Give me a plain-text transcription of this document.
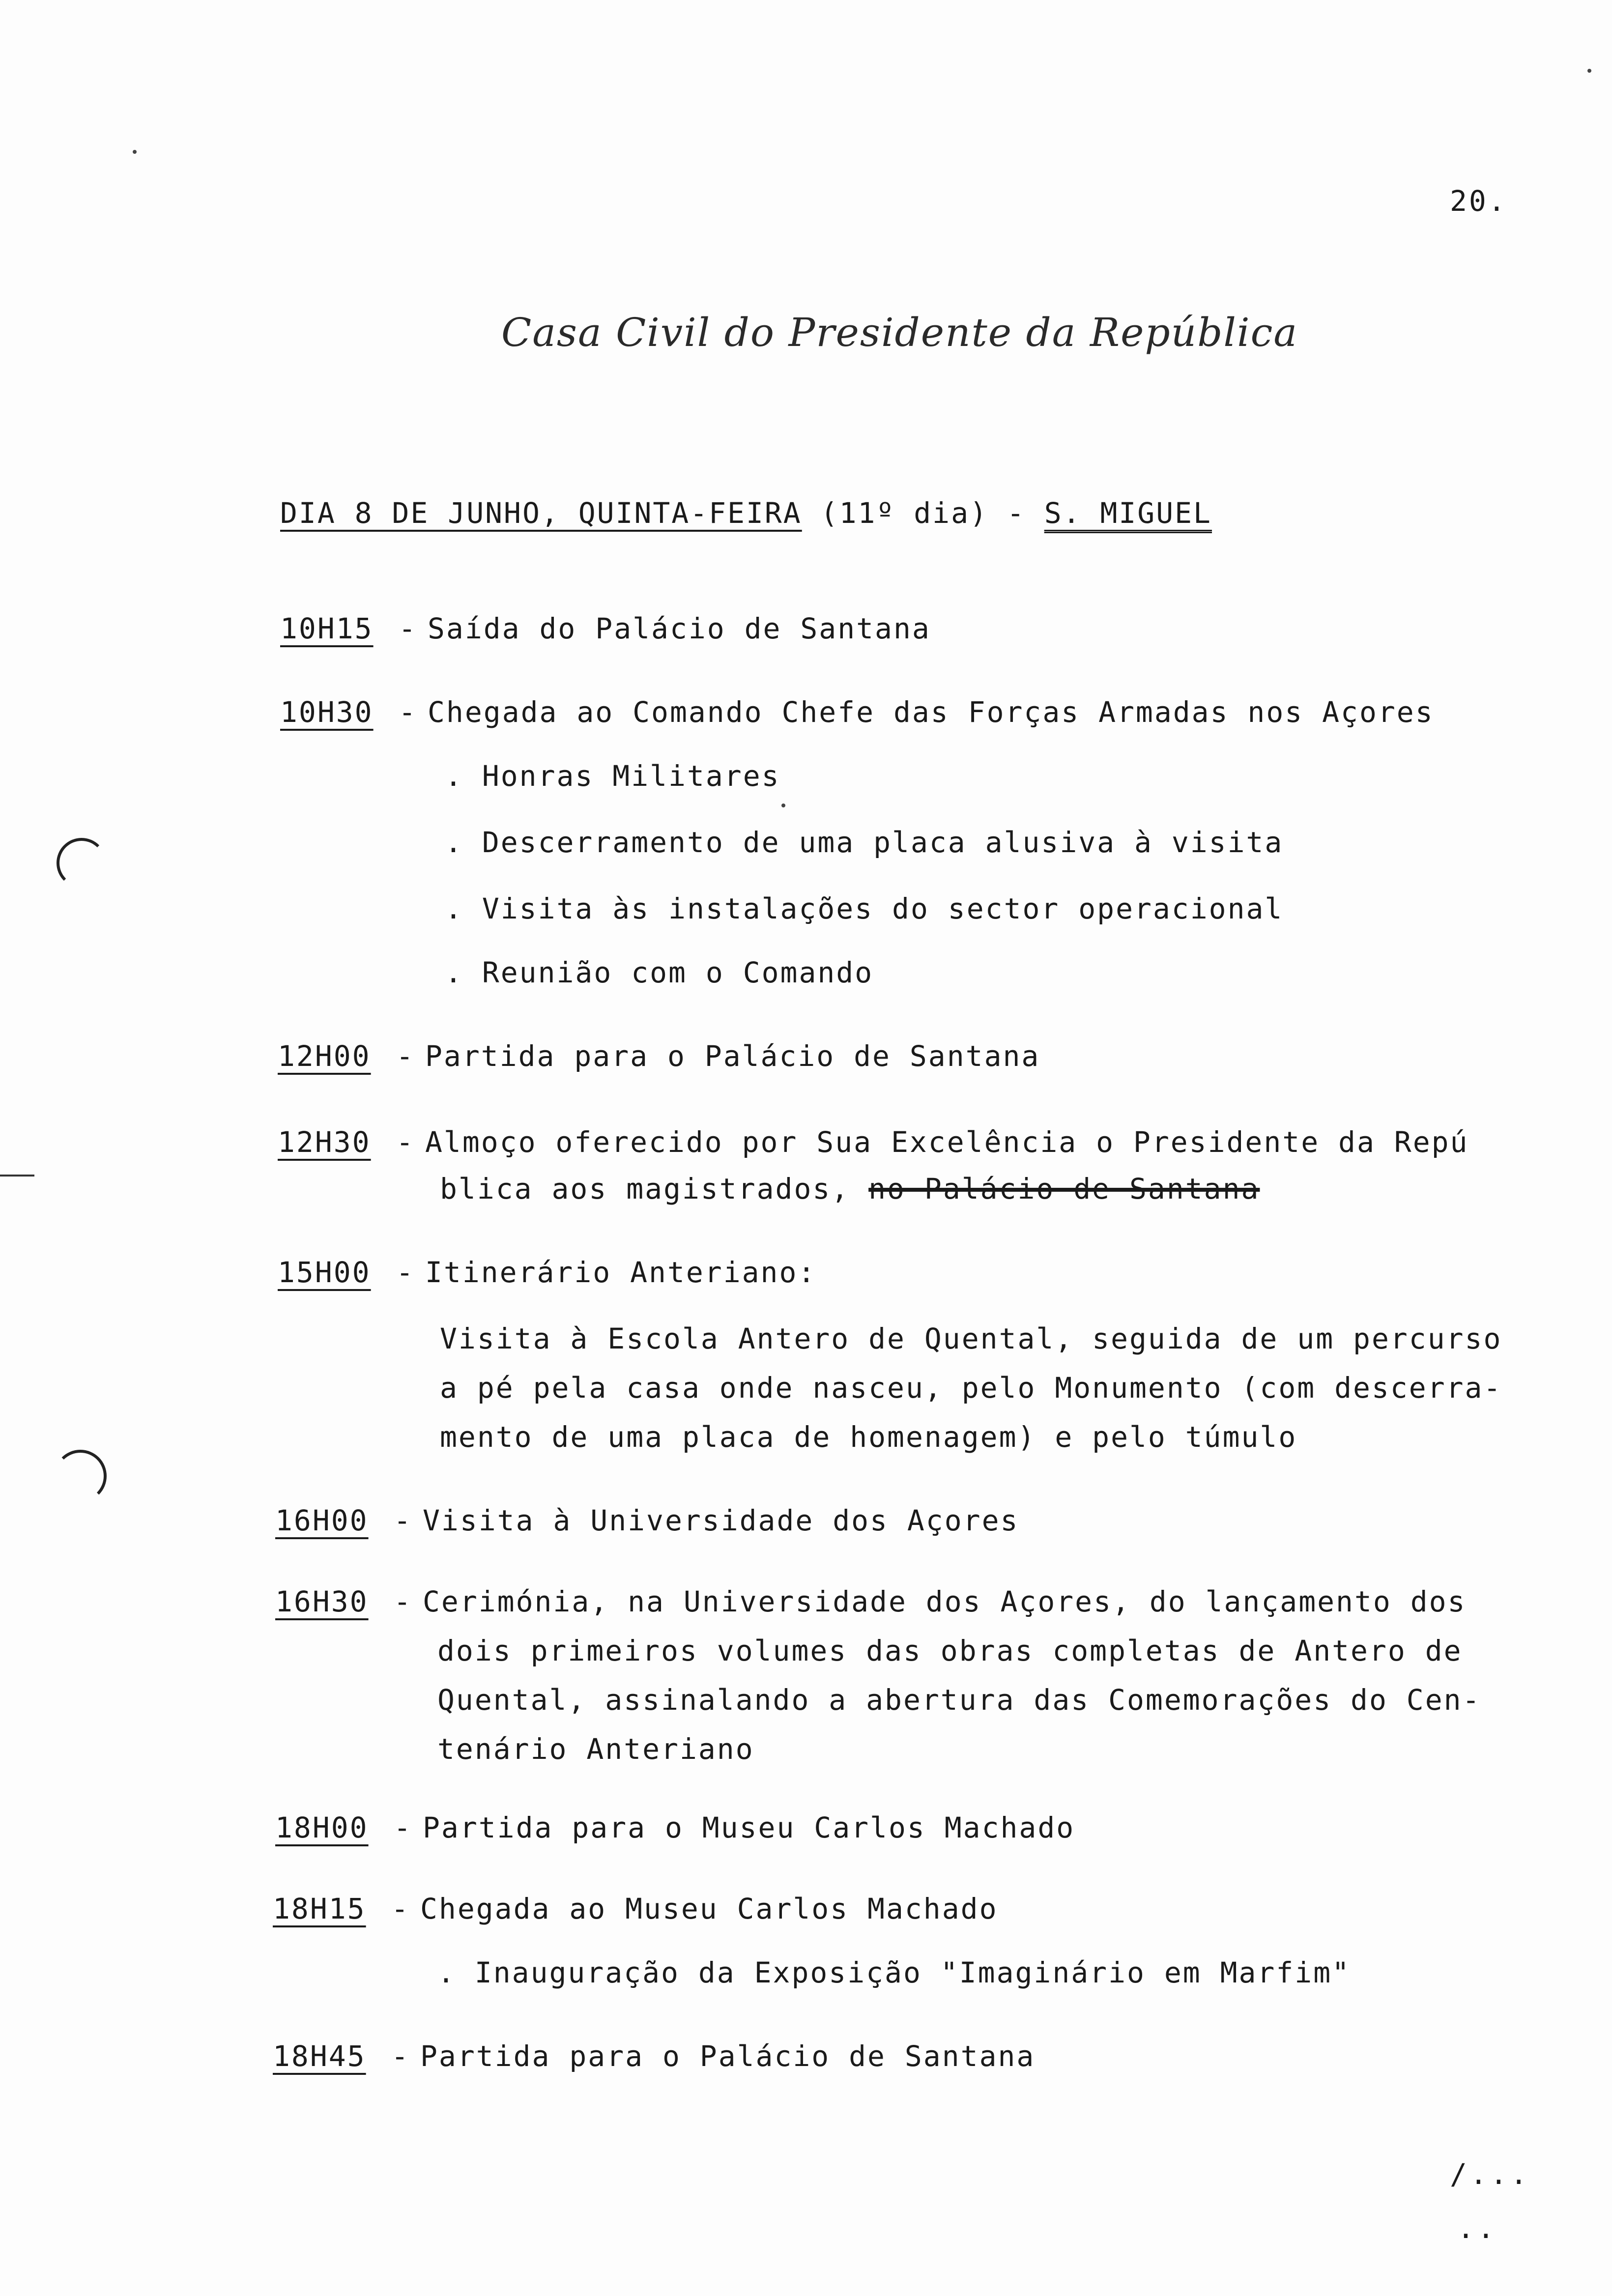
20.
Casa Civil do Presidente da República
DIA 8 DE JUNHO, QUINTA-FEIRA (11º dia) - S. MIGUEL
10H15 - Saída do Palácio de Santana
10H30 - Chegada ao Comando Chefe das Forças Armadas nos Açores
. Honras Militares
. Descerramento de uma placa alusiva à visita
. Visita às instalações do sector operacional
. Reunião com o Comando
12H00 - Partida para o Palácio de Santana
12H30 - Almoço oferecido por Sua Excelência o Presidente da Repú
blica aos magistrados, no Palácio de Santana
15H00 - Itinerário Anteriano:
Visita à Escola Antero de Quental, seguida de um percurso
a pé pela casa onde nasceu, pelo Monumento (com descerra-
mento de uma placa de homenagem) e pelo túmulo
16H00 - Visita à Universidade dos Açores
16H30 - Cerimónia, na Universidade dos Açores, do lançamento dos
dois primeiros volumes das obras completas de Antero de
Quental, assinalando a abertura das Comemorações do Cen-
tenário Anteriano
18H00 - Partida para o Museu Carlos Machado
18H15 - Chegada ao Museu Carlos Machado
. Inauguração da Exposição "Imaginário em Marfim"
18H45 - Partida para o Palácio de Santana
/...
..
